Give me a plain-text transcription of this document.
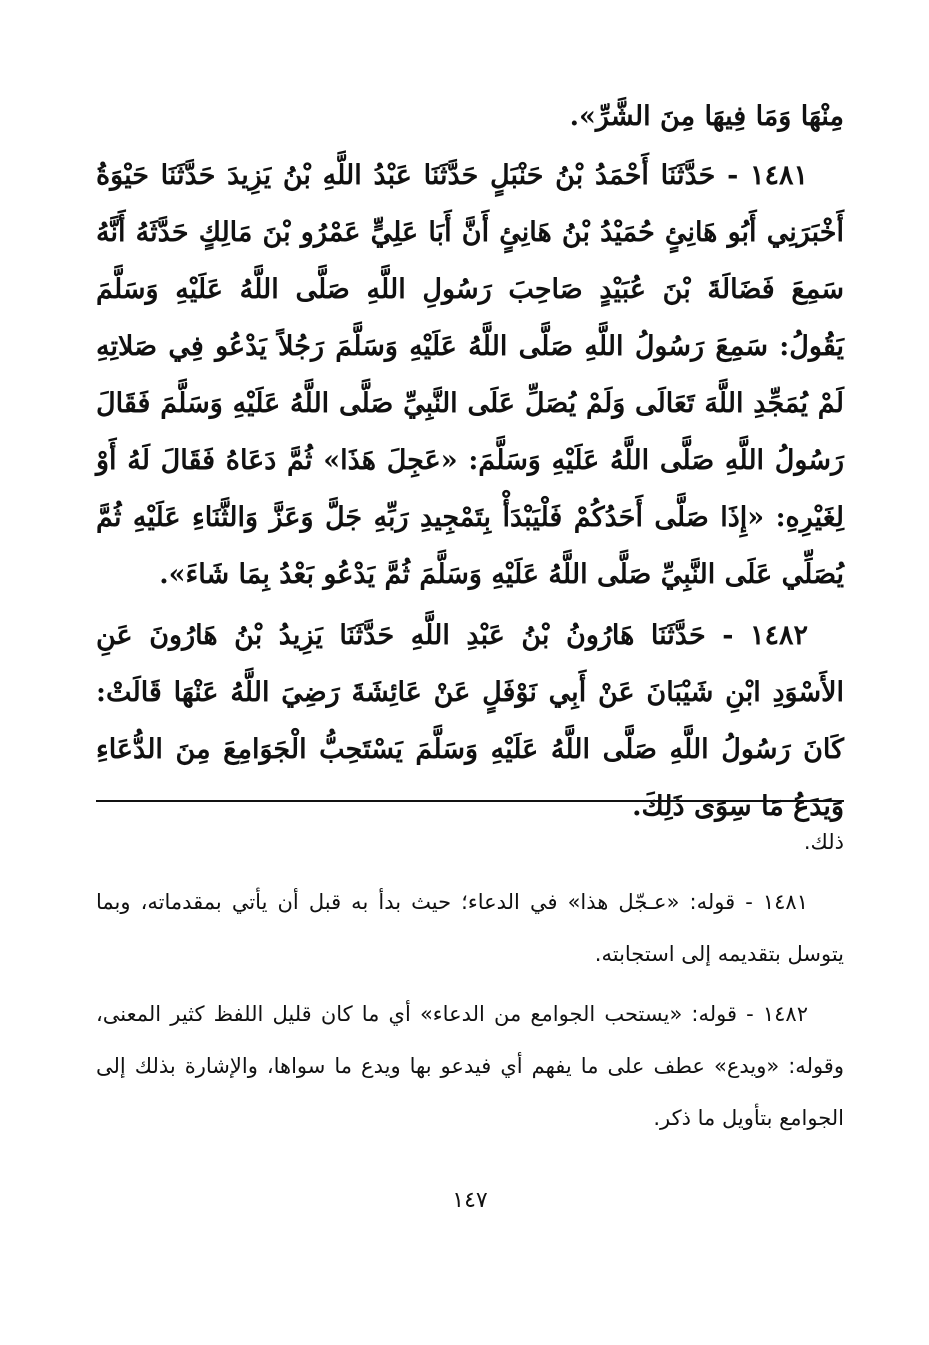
مِنْهَا وَمَا فِيهَا مِنَ الشَّرِّ».

١٤٨١ - حَدَّثَنَا أَحْمَدُ بْنُ حَنْبَلٍ حَدَّثَنَا عَبْدُ اللَّهِ بْنُ يَزِيدَ حَدَّثَنَا حَيْوَةُ أَخْبَرَنِي أَبُو هَانِئٍ حُمَيْدُ بْنُ هَانِئٍ أَنَّ أَبَا عَلِيٍّ عَمْرُو بْنَ مَالِكٍ حَدَّثَهُ أَنَّهُ سَمِعَ فَضَالَةَ بْنَ عُبَيْدٍ صَاحِبَ رَسُولِ اللَّهِ صَلَّى اللَّهُ عَلَيْهِ وَسَلَّمَ يَقُولُ: سَمِعَ رَسُولُ اللَّهِ صَلَّى اللَّهُ عَلَيْهِ وَسَلَّمَ رَجُلاً يَدْعُو فِي صَلاتِهِ لَمْ يُمَجِّدِ اللَّهَ تَعَالَى وَلَمْ يُصَلِّ عَلَى النَّبِيِّ صَلَّى اللَّهُ عَلَيْهِ وَسَلَّمَ فَقَالَ رَسُولُ اللَّهِ صَلَّى اللَّهُ عَلَيْهِ وَسَلَّمَ: «عَجِلَ هَذَا» ثُمَّ دَعَاهُ فَقَالَ لَهُ أَوْ لِغَيْرِهِ: «إِذَا صَلَّى أَحَدُكُمْ فَلْيَبْدَأْ بِتَمْجِيدِ رَبِّهِ جَلَّ وَعَزَّ وَالثَّنَاءِ عَلَيْهِ ثُمَّ يُصَلِّي عَلَى النَّبِيِّ صَلَّى اللَّهُ عَلَيْهِ وَسَلَّمَ ثُمَّ يَدْعُو بَعْدُ بِمَا شَاءَ».

١٤٨٢ - حَدَّثَنَا هَارُونُ بْنُ عَبْدِ اللَّهِ حَدَّثَنَا يَزِيدُ بْنُ هَارُونَ عَنِ الأَسْوَدِ ابْنِ شَيْبَانَ عَنْ أَبِي نَوْفَلٍ عَنْ عَائِشَةَ رَضِيَ اللَّهُ عَنْهَا قَالَتْ: كَانَ رَسُولُ اللَّهِ صَلَّى اللَّهُ عَلَيْهِ وَسَلَّمَ يَسْتَحِبُّ الْجَوَامِعَ مِنَ الدُّعَاءِ وَيَدَعُ مَا سِوَى ذَلِكَ.

ذلك.

١٤٨١ - قوله: «عـجّل هذا» في الدعاء؛ حيث بدأ به قبل أن يأتي بمقدماته، وبما يتوسل بتقديمه إلى استجابته.

١٤٨٢ - قوله: «يستحب الجوامع من الدعاء» أي ما كان قليل اللفظ كثير المعنى، وقوله: «ويدع» عطف على ما يفهم أي فيدعو بها ويدع ما سواها، والإشارة بذلك إلى الجوامع بتأويل ما ذكر.

١٤٧
